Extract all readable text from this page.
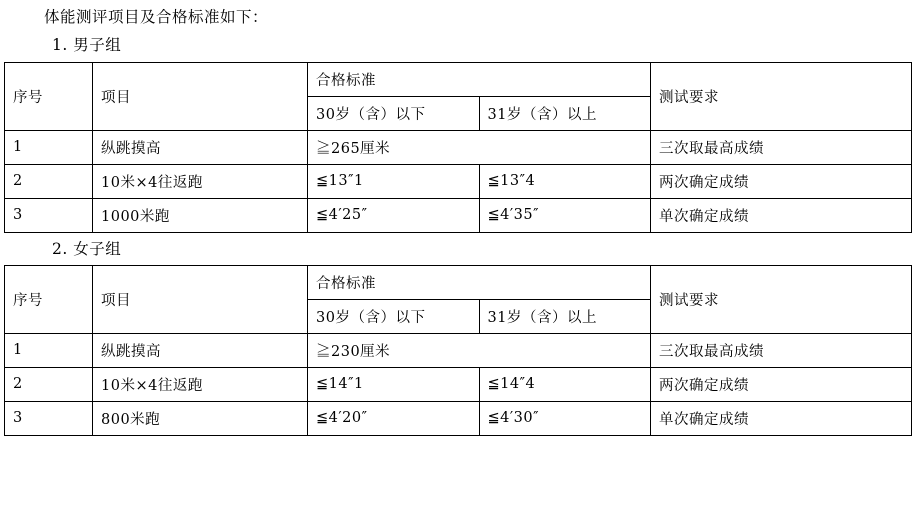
体能测评项目及合格标准如下：
1. 男子组
序号	项目	合格标准		测试要求
		30岁（含）以下	31岁（含）以上	
1	纵跳摸高	≧265厘米		三次取最高成绩
2	10米×4往返跑	≦13″1	≦13″4	两次确定成绩
3	1000米跑	≦4′25″	≦4′35″	单次确定成绩
2. 女子组
序号	项目	合格标准		测试要求
		30岁（含）以下	31岁（含）以上	
1	纵跳摸高	≧230厘米		三次取最高成绩
2	10米×4往返跑	≦14″1	≦14″4	两次确定成绩
3	800米跑	≦4′20″	≦4′30″	单次确定成绩
